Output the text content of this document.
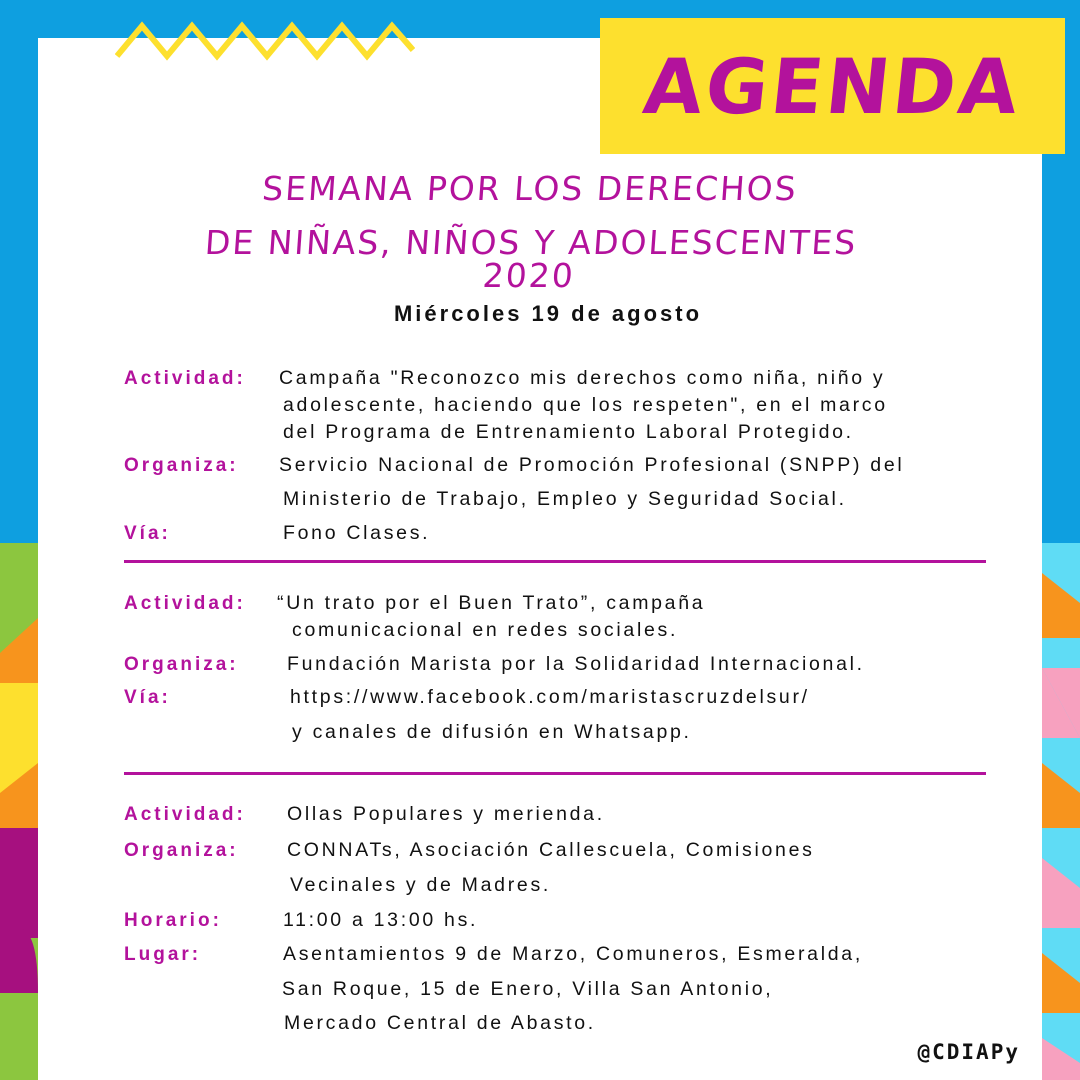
AGENDA
SEMANA POR LOS DERECHOS
DE NIÑAS, NIÑOS Y ADOLESCENTES 2020
Miércoles 19 de agosto
Actividad: Campaña "Reconozco mis derechos como niña, niño y
adolescente, haciendo que los respeten", en el marco
del Programa de Entrenamiento Laboral Protegido.
Organiza: Servicio Nacional de Promoción Profesional (SNPP) del
Ministerio de Trabajo, Empleo y Seguridad Social.
Vía:	Fono Clases.
Actividad: “Un trato por el Buen Trato”, campaña
comunicacional en redes sociales.
Organiza: Fundación Marista por la Solidaridad Internacional.
Vía:	https://www.facebook.com/maristascruzdelsur/
y canales de difusión en Whatsapp.
Actividad: Ollas Populares y merienda.
Organiza: CONNATs, Asociación Callescuela, Comisiones
Vecinales y de Madres.
Horario:	11:00 a 13:00 hs.
Lugar:	Asentamientos 9 de Marzo, Comuneros, Esmeralda,
San Roque, 15 de Enero, Villa San Antonio,
Mercado Central de Abasto.
@CDIAPy
